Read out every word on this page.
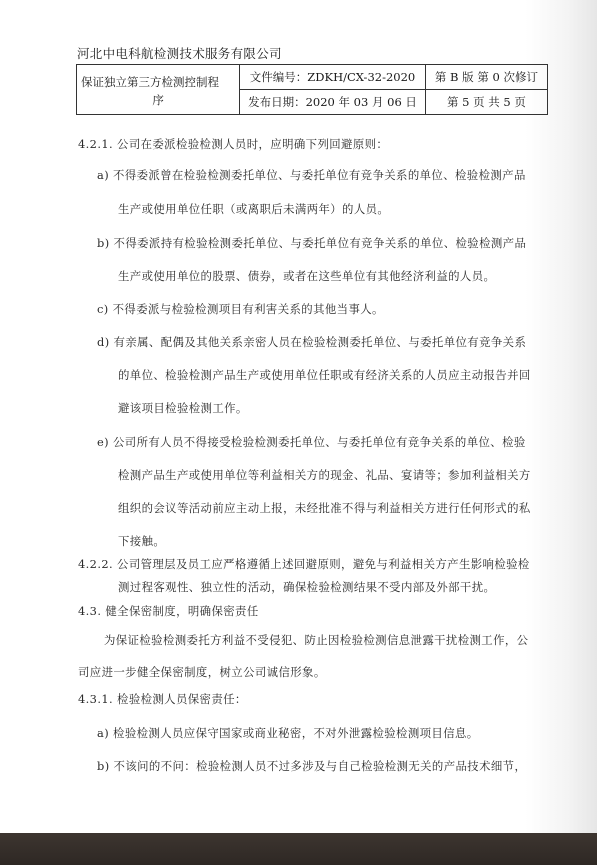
河北中电科航检测技术服务有限公司
保证独立第三方检测控制程
序	文件编号：ZDKH/CX-32-2020	第 B 版 第 0 次修订
	发布日期：2020 年 03 月 06 日	第 5 页 共 5 页
4.2.1. 公司在委派检验检测人员时，应明确下列回避原则：
a) 不得委派曾在检验检测委托单位、与委托单位有竞争关系的单位、检验检测产品
生产或使用单位任职（或离职后未满两年）的人员。
b) 不得委派持有检验检测委托单位、与委托单位有竞争关系的单位、检验检测产品
生产或使用单位的股票、债券，或者在这些单位有其他经济利益的人员。
c) 不得委派与检验检测项目有利害关系的其他当事人。
d) 有亲属、配偶及其他关系亲密人员在检验检测委托单位、与委托单位有竞争关系
的单位、检验检测产品生产或使用单位任职或有经济关系的人员应主动报告并回
避该项目检验检测工作。
e) 公司所有人员不得接受检验检测委托单位、与委托单位有竞争关系的单位、检验
检测产品生产或使用单位等利益相关方的现金、礼品、宴请等；参加利益相关方
组织的会议等活动前应主动上报，未经批准不得与利益相关方进行任何形式的私
下接触。
4.2.2. 公司管理层及员工应严格遵循上述回避原则，避免与利益相关方产生影响检验检
测过程客观性、独立性的活动，确保检验检测结果不受内部及外部干扰。
4.3. 健全保密制度，明确保密责任
为保证检验检测委托方利益不受侵犯、防止因检验检测信息泄露干扰检测工作，公
司应进一步健全保密制度，树立公司诚信形象。
4.3.1. 检验检测人员保密责任：
a) 检验检测人员应保守国家或商业秘密，不对外泄露检验检测项目信息。
b) 不该问的不问：检验检测人员不过多涉及与自己检验检测无关的产品技术细节，
